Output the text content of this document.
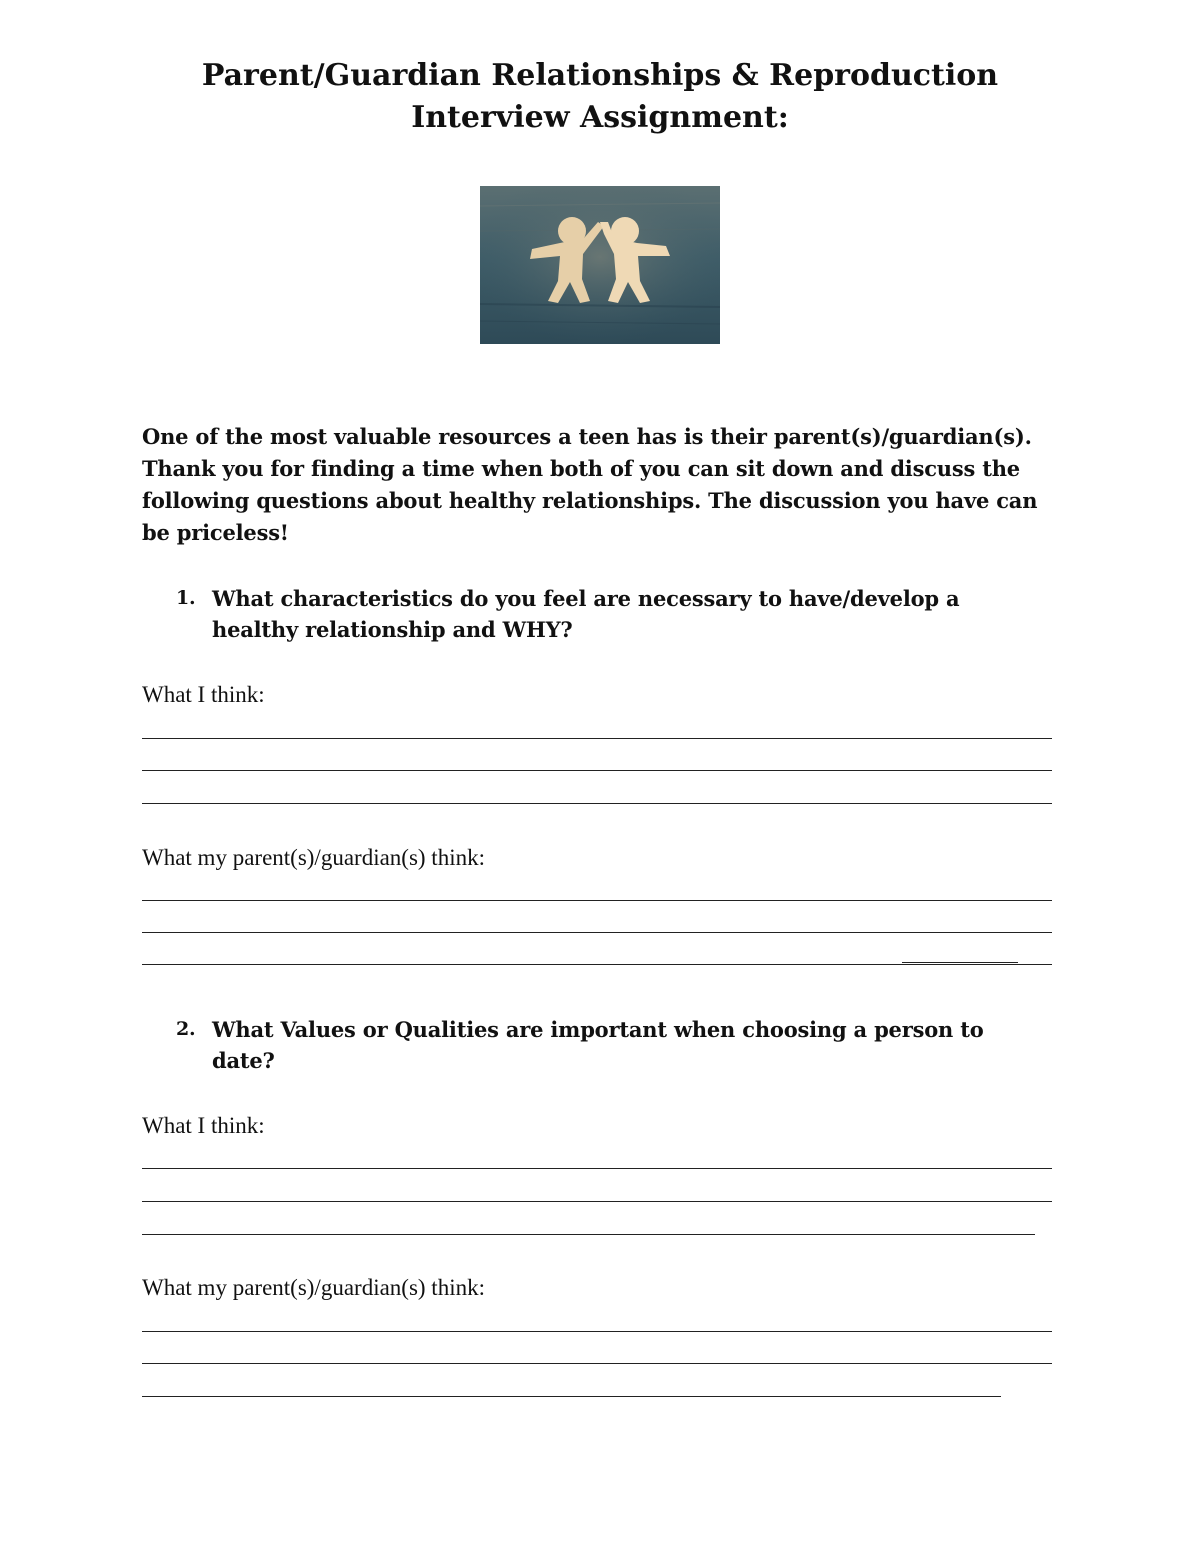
Parent/Guardian Relationships & Reproduction
Interview Assignment:

One of the most valuable resources a teen has is their parent(s)/guardian(s). Thank you for finding a time when both of you can sit down and discuss the following questions about healthy relationships. The discussion you have can be priceless!

1. What characteristics do you feel are necessary to have/develop a healthy relationship and WHY?

What I think:

What my parent(s)/guardian(s) think:

2. What Values or Qualities are important when choosing a person to date?

What I think:

What my parent(s)/guardian(s) think:
